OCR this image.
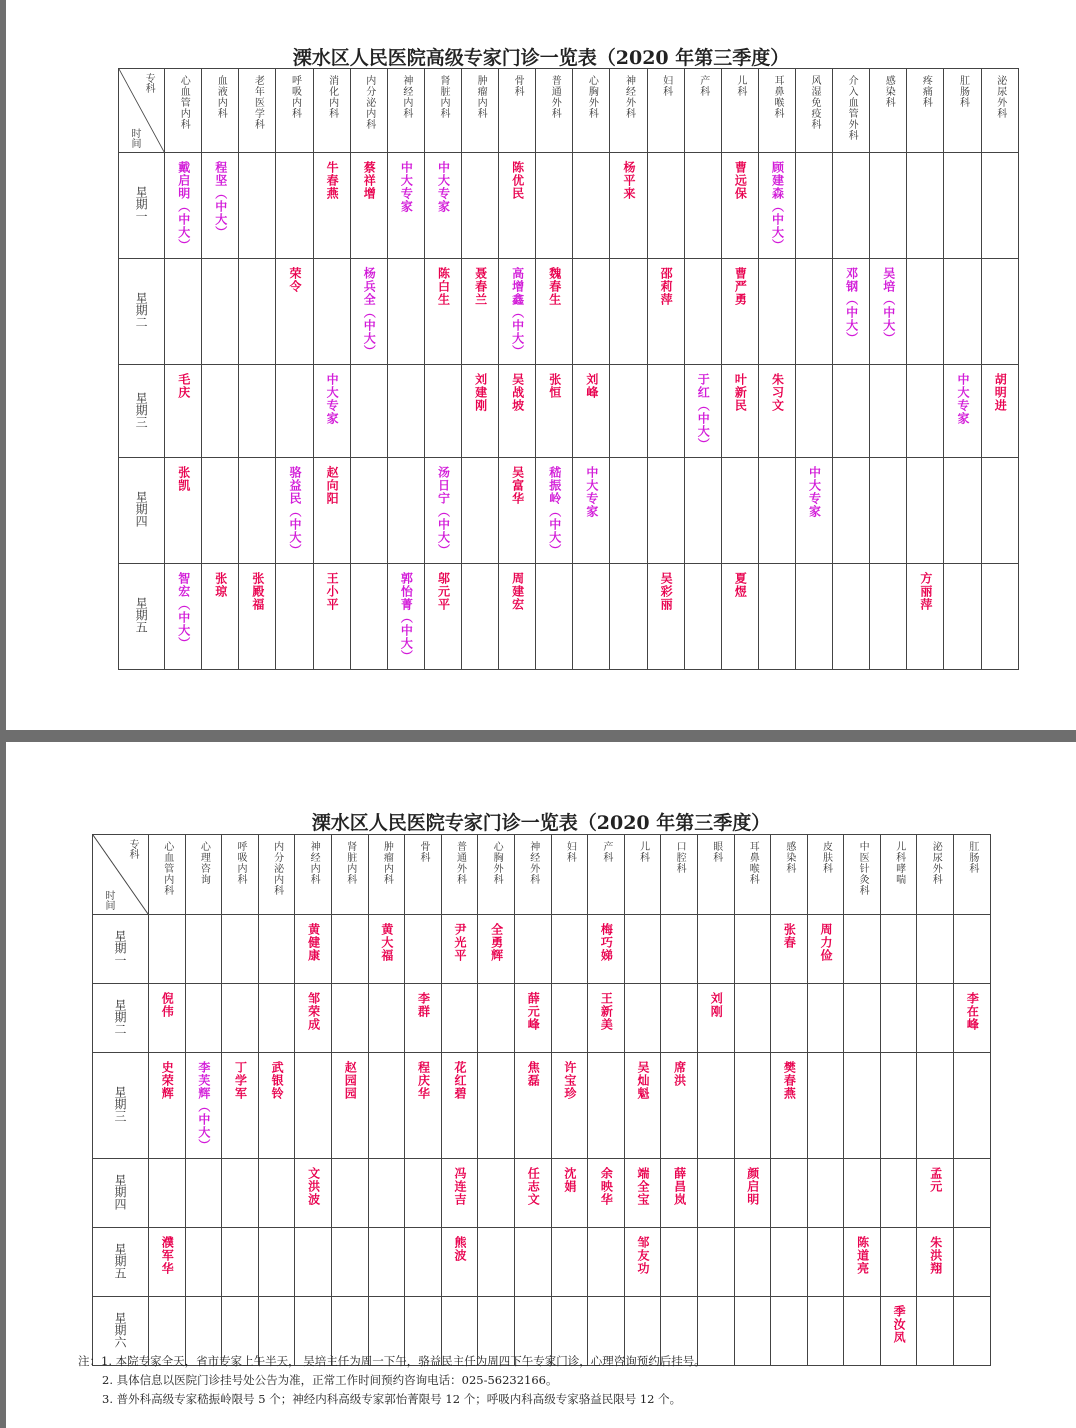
溧水区人民医院高级专家门诊一览表（2020 年第三季度）
专科
时间	心血管内科	血液内科	老年医学科	呼吸内科	消化内科	内分泌内科	神经内科	肾脏内科	肿瘤内科	骨科	普通外科	心胸外科	神经外科	妇科	产科	儿科	耳鼻喉科	风湿免疫科	介入血管外科	感染科	疼痛科	肛肠科	泌尿外科
星期一	戴启明（中大）	程坚（中大）			牛春燕	蔡祥增	中大专家	中大专家		陈优民			杨平来			曹远保	顾建森（中大）						
星期二				荣令		杨兵全（中大）		陈白生	聂春兰	高增鑫（中大）	魏春生			邵莉萍		曹严勇			邓钢（中大）	吴培（中大）			
星期三	毛庆				中大专家				刘建刚	吴战坡	张恒	刘峰			于红（中大）	叶新民	朱习文					中大专家	胡明进
星期四	张凯			骆益民（中大）	赵向阳			汤日宁（中大）		吴富华	嵇振岭（中大）	中大专家						中大专家					
星期五	智宏（中大）	张琼	张殿福		王小平		郭怡菁（中大）	邬元平		周建宏				吴彩丽		夏煜					方丽萍		
溧水区人民医院专家门诊一览表（2020 年第三季度）
专科
时间	心血管内科	心理咨询	呼吸内科	内分泌内科	神经内科	肾脏内科	肿瘤内科	骨科	普通外科	心胸外科	神经外科	妇科	产科	儿科	口腔科	眼科	耳鼻喉科	感染科	皮肤科	中医针灸科	儿科哮喘	泌尿外科	肛肠科
星期一					黄健康		黄大福		尹光平	全勇辉			梅巧娣					张春	周力俭				
星期二	倪伟				邹荣成			李群			薛元峰		王新美			刘刚							李在峰
星期三	史荣辉	李芙辉（中大）	丁学军	武银铃		赵园园		程庆华	花红碧		焦磊	许宝珍		吴灿魁	席洪			樊春燕					
星期四					文洪波				冯连吉		任志文	沈娟	余映华	端全宝	薛昌岚		颜启明					孟元	
星期五	濮军华								熊波					邹友功						陈道亮		朱洪翔	
星期六																					季汝凤		
注：1. 本院专家全天，省市专家上午半天， 吴培主任为周一下午，骆益民主任为周四下午专家门诊，心理咨询预约后挂号。
2. 具体信息以医院门诊挂号处公告为准，正常工作时间预约咨询电话：025-56232166。
3. 普外科高级专家嵇振岭限号 5 个；神经内科高级专家郭怡菁限号 12 个；呼吸内科高级专家骆益民限号 12 个。
